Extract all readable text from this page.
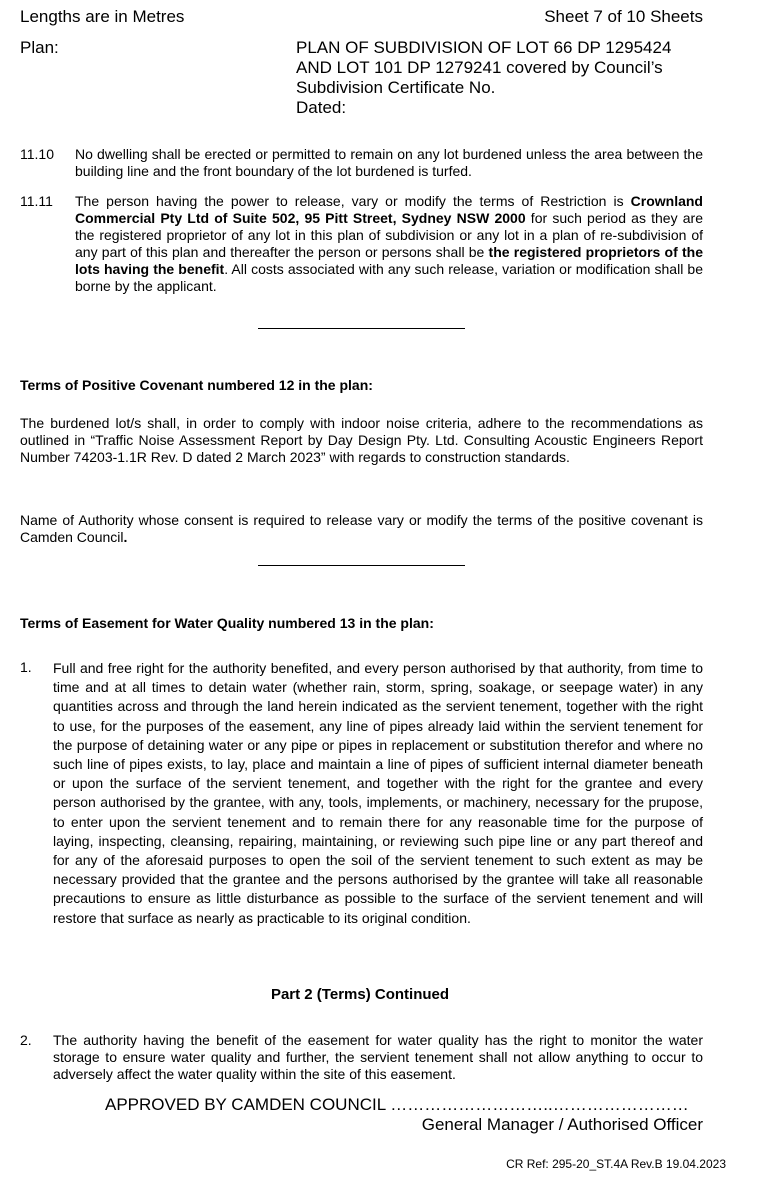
Lengths are in Metres	Sheet 7 of 10 Sheets
Plan:	PLAN OF SUBDIVISION OF LOT 66 DP 1295424
AND LOT 101 DP 1279241 covered by Council’s
Subdivision Certificate No.
Dated:
11.10 No dwelling shall be erected or permitted to remain on any lot burdened unless the area between the building line and the front boundary of the lot burdened is turfed.
11.11 The person having the power to release, vary or modify the terms of Restriction is Crownland Commercial Pty Ltd of Suite 502, 95 Pitt Street, Sydney NSW 2000 for such period as they are the registered proprietor of any lot in this plan of subdivision or any lot in a plan of re-subdivision of any part of this plan and thereafter the person or persons shall be the registered proprietors of the lots having the benefit. All costs associated with any such release, variation or modification shall be borne by the applicant.
Terms of Positive Covenant numbered 12 in the plan:
The burdened lot/s shall, in order to comply with indoor noise criteria, adhere to the recommendations as outlined in “Traffic Noise Assessment Report by Day Design Pty. Ltd. Consulting Acoustic Engineers Report Number 74203-1.1R Rev. D dated 2 March 2023” with regards to construction standards.
Name of Authority whose consent is required to release vary or modify the terms of the positive covenant is Camden Council.
Terms of Easement for Water Quality numbered 13 in the plan:
1. Full and free right for the authority benefited, and every person authorised by that authority, from time to time and at all times to detain water (whether rain, storm, spring, soakage, or seepage water) in any quantities across and through the land herein indicated as the servient tenement, together with the right to use, for the purposes of the easement, any line of pipes already laid within the servient tenement for the purpose of detaining water or any pipe or pipes in replacement or substitution therefor and where no such line of pipes exists, to lay, place and maintain a line of pipes of sufficient internal diameter beneath or upon the surface of the servient tenement, and together with the right for the grantee and every person authorised by the grantee, with any, tools, implements, or machinery, necessary for the prupose, to enter upon the servient tenement and to remain there for any reasonable time for the purpose of laying, inspecting, cleansing, repairing, maintaining, or reviewing such pipe line or any part thereof and for any of the aforesaid purposes to open the soil of the servient tenement to such extent as may be necessary provided that the grantee and the persons authorised by the grantee will take all reasonable precautions to ensure as little disturbance as possible to the surface of the servient tenement and will restore that surface as nearly as practicable to its original condition.
Part 2 (Terms) Continued
2. The authority having the benefit of the easement for water quality has the right to monitor the water storage to ensure water quality and further, the servient tenement shall not allow anything to occur to adversely affect the water quality within the site of this easement.
APPROVED BY CAMDEN COUNCIL ………………………..……………………
General Manager / Authorised Officer
CR Ref: 295-20_ST.4A Rev.B 19.04.2023
